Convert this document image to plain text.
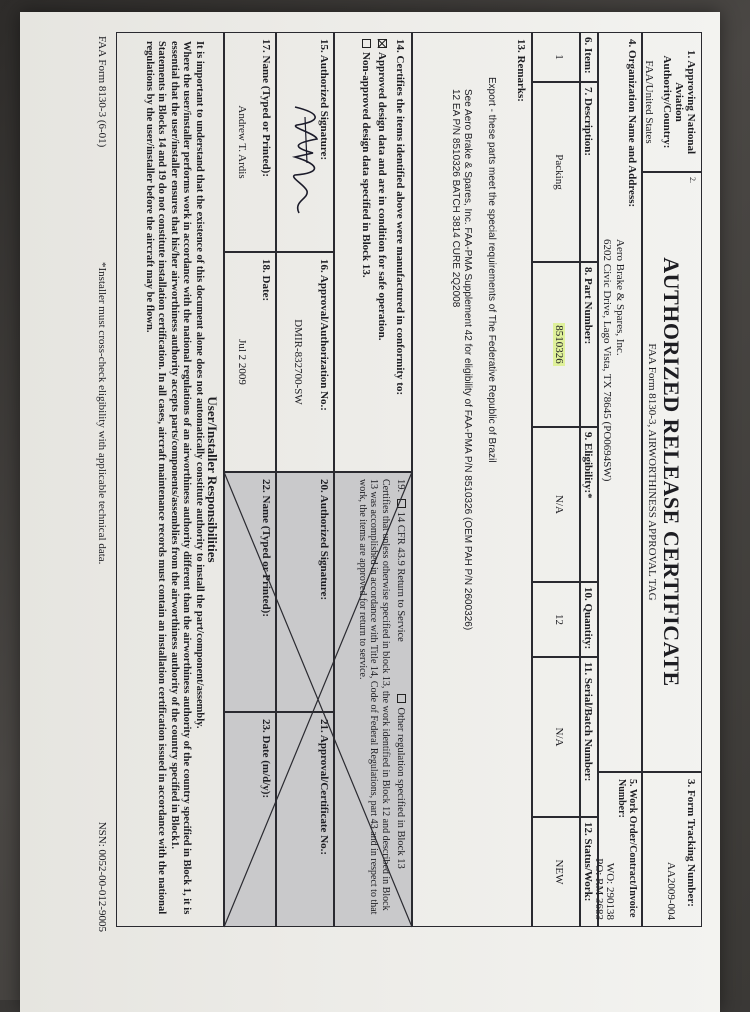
1. Approving National Aviation Authority/Country:
FAA/United States
2.
AUTHORIZED RELEASE CERTIFICATE
FAA Form 8130-3, AIRWORTHINESS APPROVAL TAG
3. Form Tracking Number:
AA2009-004
4. Organization Name and Address:
Aero Brake & Spares, Inc.
6202 Civic Drive, Lago Vista, TX 78645 (PO0694SW)
5. Work Order/Contract/Invoice Number:
WO: 290138
PO: RM 3683
6. Item:
7. Description:
8. Part Number:
9. Eligibility:*
10. Quantity:
11. Serial/Batch Number:
12. Status/Work:
1
Packing
8510326
N/A
12
N/A
NEW
13. Remarks:
Export - these parts meet the special requirements of The Federative Republic of Brazil
See Aero Brake & Spares, Inc. FAA-PMA Supplement 42 for eligibility of FAA-PMA P/N 8510326 (OEM PAH P/N 2600326)
12 EA P/N 8510326 BATCH 3814 CURE 2Q2008
14. Certifies the items identified above were manufactured in conformity to:
Approved design data and are in condition for safe operation.
Non-approved design data specified in Block 13.
19. 14 CFR 43.9 Return to Service Other regulation specified in Block 13
Certifies that unless otherwise specified in block 13, the work identified in Block 12 and described in Block 13 was accomplished in accordance with Title 14, Code of Federal Regulations, part 43 and in respect to that work, the items are approved for return to service.
15. Authorized Signature:
16. Approval/Authorization No.:
DMIR-832700-SW
20. Authorized Signature:
21. Approval/Certificate No.:
17. Name (Typed or Printed):
Andrew T. Ardis
18. Date:
Jul 2 2009
22. Name (Typed or Printed):
23. Date (m/d/y):
User/Installer Responsibilities
It is important to understand that the existence of this document alone does not automatically constitute authority to install the part/component/assembly.
Where the user/installer performs work in accordance with the national regulations of an airworthiness authority different than the airworthiness authority of the country specified in Block 1, it is essential that the user/installer ensures that his/her airworthiness authority accepts parts/components/assemblies from the airworthiness authority of the country specified in Block1.
Statements in Blocks 14 and 19 do not constitute installation certification. In all cases, aircraft maintenance records must contain an installation certification issued in accordance with the national regulations by the user/installer before the aircraft may be flown.
FAA Form 8130-3 (6-01)
*Installer must cross-check eligibility with applicable technical data.
NSN: 0052-00-012-9005
